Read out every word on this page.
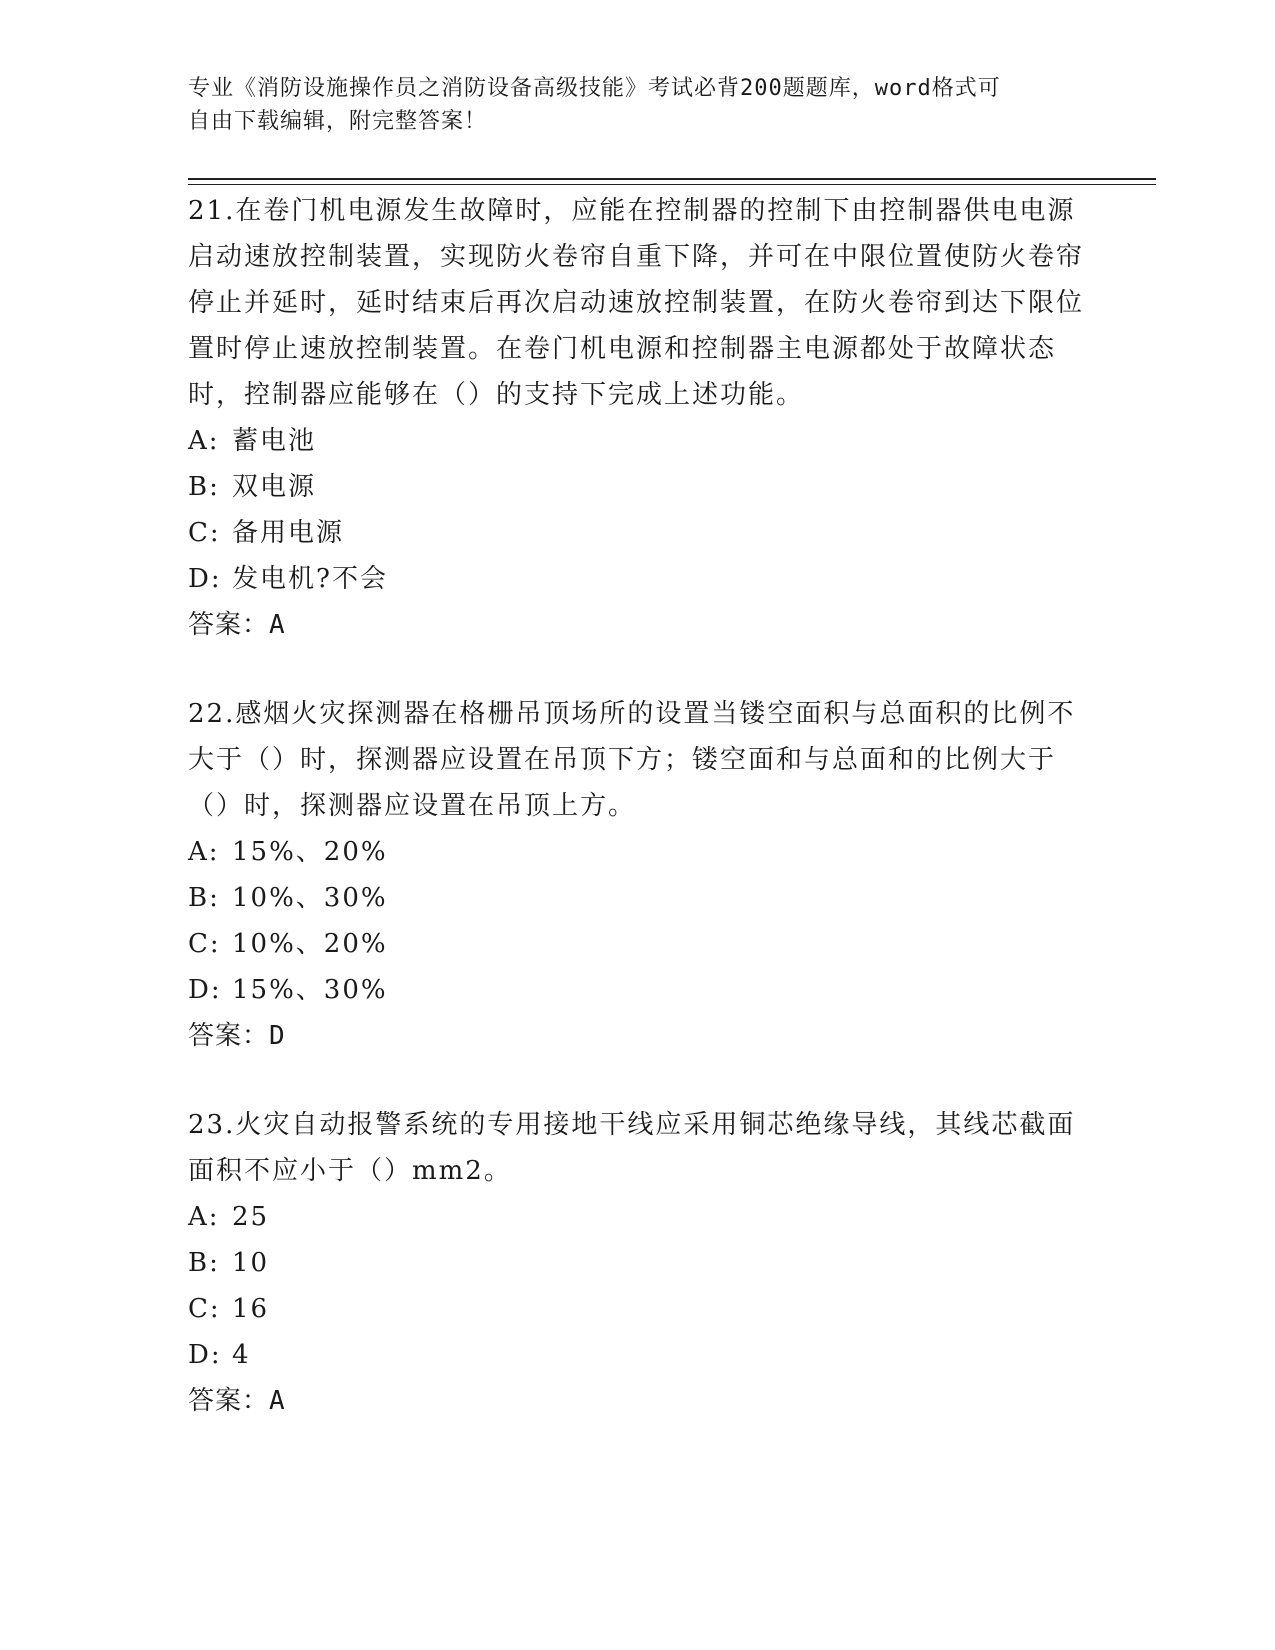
专业《消防设施操作员之消防设备高级技能》考试必背200题题库，word格式可
自由下载编辑，附完整答案！

21.在卷门机电源发生故障时，应能在控制器的控制下由控制器供电电源启动速放控制装置，实现防火卷帘自重下降，并可在中限位置使防火卷帘停止并延时，延时结束后再次启动速放控制装置，在防火卷帘到达下限位置时停止速放控制装置。在卷门机电源和控制器主电源都处于故障状态时，控制器应能够在（）的支持下完成上述功能。

A: 蓄电池
B: 双电源
C: 备用电源
D: 发电机?不会
答案：A

22.感烟火灾探测器在格栅吊顶场所的设置当镂空面积与总面积的比例不大于（）时，探测器应设置在吊顶下方；镂空面和与总面和的比例大于（）时，探测器应设置在吊顶上方。

A: 15%、20%
B: 10%、30%
C: 10%、20%
D: 15%、30%
答案：D

23.火灾自动报警系统的专用接地干线应采用铜芯绝缘导线，其线芯截面面积不应小于（）mm2。

A: 25
B: 10
C: 16
D: 4
答案：A
